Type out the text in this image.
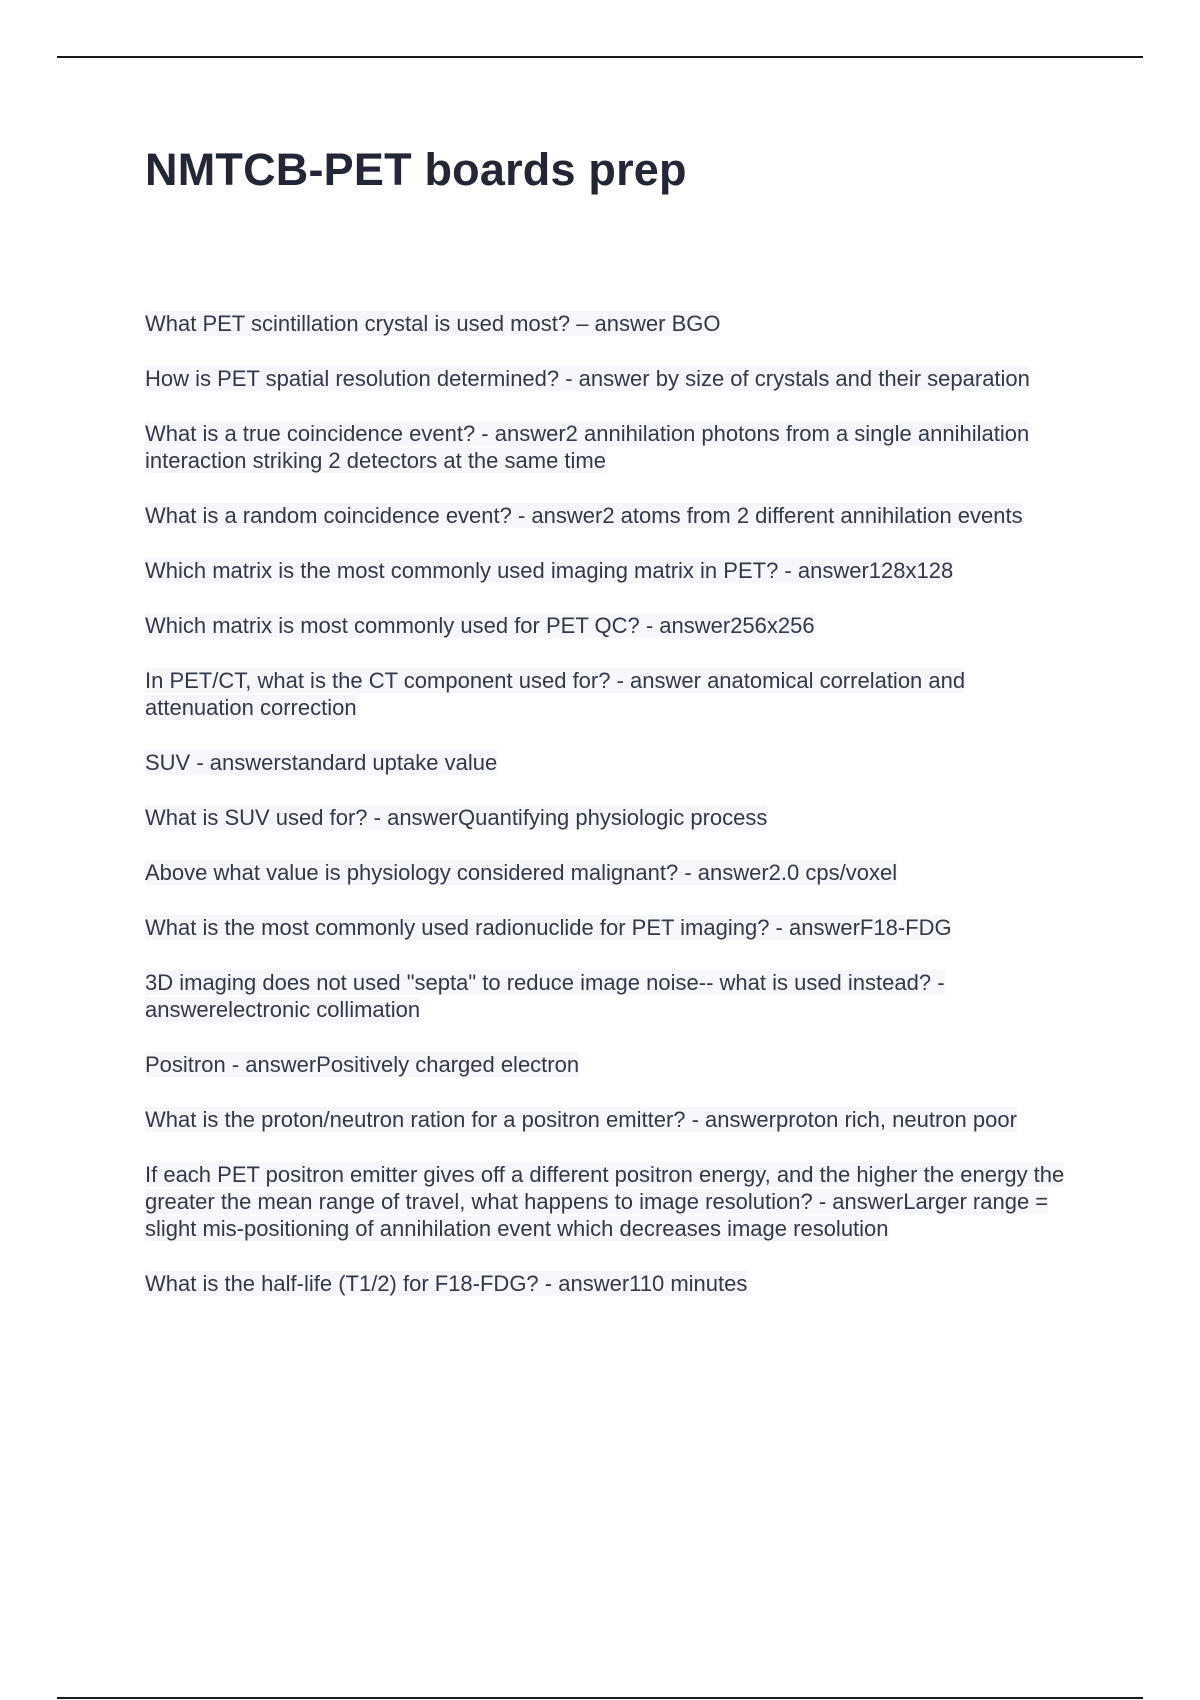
NMTCB-PET boards prep
What PET scintillation crystal is used most? – answer BGO
How is PET spatial resolution determined? - answer by size of crystals and their separation
What is a true coincidence event? - answer2 annihilation photons from a single annihilation interaction striking 2 detectors at the same time
What is a random coincidence event? - answer2 atoms from 2 different annihilation events
Which matrix is the most commonly used imaging matrix in PET? - answer128x128
Which matrix is most commonly used for PET QC? - answer256x256
In PET/CT, what is the CT component used for? - answer anatomical correlation and attenuation correction
SUV - answerstandard uptake value
What is SUV used for? - answerQuantifying physiologic process
Above what value is physiology considered malignant? - answer2.0 cps/voxel
What is the most commonly used radionuclide for PET imaging? - answerF18-FDG
3D imaging does not used "septa" to reduce image noise-- what is used instead? - answerelectronic collimation
Positron - answerPositively charged electron
What is the proton/neutron ration for a positron emitter? - answerproton rich, neutron poor
If each PET positron emitter gives off a different positron energy, and the higher the energy the greater the mean range of travel, what happens to image resolution? - answerLarger range = slight mis-positioning of annihilation event which decreases image resolution
What is the half-life (T1/2) for F18-FDG? - answer110 minutes
